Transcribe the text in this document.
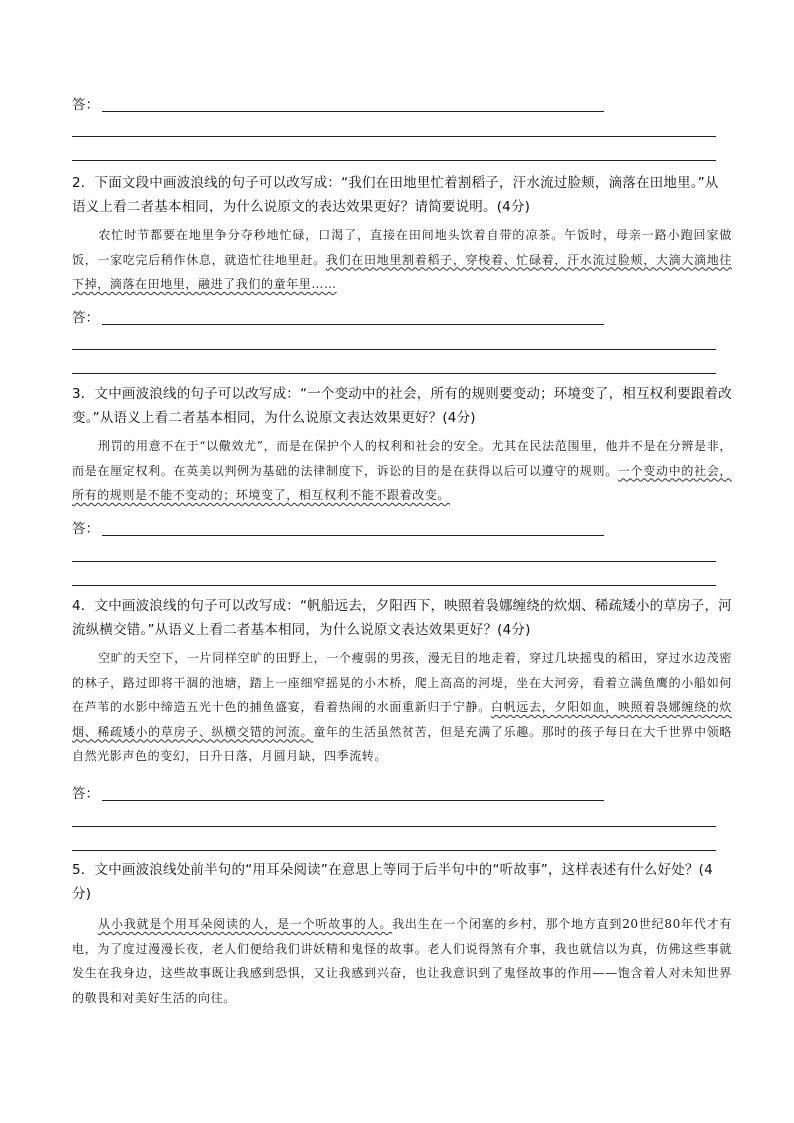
答：
2．下面文段中画波浪线的句子可以改写成：“我们在田地里忙着割稻子，汗水流过脸颊，滴落在田地里。”从语义上看二者基本相同，为什么说原文的表达效果更好？请简要说明。(4分)
农忙时节都要在地里争分夺秒地忙碌，口渴了，直接在田间地头饮着自带的凉茶。午饭时，母亲一路小跑回家做饭，一家吃完后稍作休息，就造忙往地里赶。我们在田地里割着稻子，穿梭着、忙碌着，汗水流过脸颊，大滴大滴地往下掉，滴落在田地里，融进了我们的童年里……
答：
3．文中画波浪线的句子可以改写成：“一个变动中的社会，所有的规则要变动；环境变了，相互权利要跟着改变。”从语义上看二者基本相同，为什么说原文表达效果更好？(4分)
刑罚的用意不在于“以儆效尤”，而是在保护个人的权利和社会的安全。尤其在民法范围里，他并不是在分辨是非，而是在厘定权利。在英美以判例为基础的法律制度下，诉讼的目的是在获得以后可以遵守的规则。一个变动中的社会，所有的规则是不能不变动的；环境变了，相互权利不能不跟着改变。
答：
4．文中画波浪线的句子可以改写成：“帆船远去，夕阳西下，映照着袅娜缠绕的炊烟、稀疏矮小的草房子，河流纵横交错。”从语义上看二者基本相同，为什么说原文表达效果更好？(4分)
空旷的天空下，一片同样空旷的田野上，一个瘦弱的男孩，漫无目的地走着，穿过几块摇曳的稻田，穿过水边茂密的林子，路过即将干涸的池塘，踏上一座细窄摇晃的小木桥，爬上高高的河堤，坐在大河旁，看着立满鱼鹰的小船如何在芦苇的水影中缔造五光十色的捕鱼盛宴，看着热闹的水面重新归于宁静。白帆远去，夕阳如血，映照着袅娜缠绕的炊烟、稀疏矮小的草房子、纵横交错的河流。童年的生活虽然贫苦，但是充满了乐趣。那时的孩子每日在大千世界中领略自然光影声色的变幻，日升日落，月圆月缺，四季流转。
答：
5．文中画波浪线处前半句的“用耳朵阅读”在意思上等同于后半句中的“听故事”，这样表述有什么好处？(4分)
从小我就是个用耳朵阅读的人，是一个听故事的人。我出生在一个闭塞的乡村，那个地方直到20世纪80年代才有电，为了度过漫漫长夜，老人们便给我们讲妖精和鬼怪的故事。老人们说得煞有介事，我也就信以为真，仿佛这些事就发生在我身边，这些故事既让我感到恐惧，又让我感到兴奋，也让我意识到了鬼怪故事的作用——饱含着人对未知世界的敬畏和对美好生活的向往。
